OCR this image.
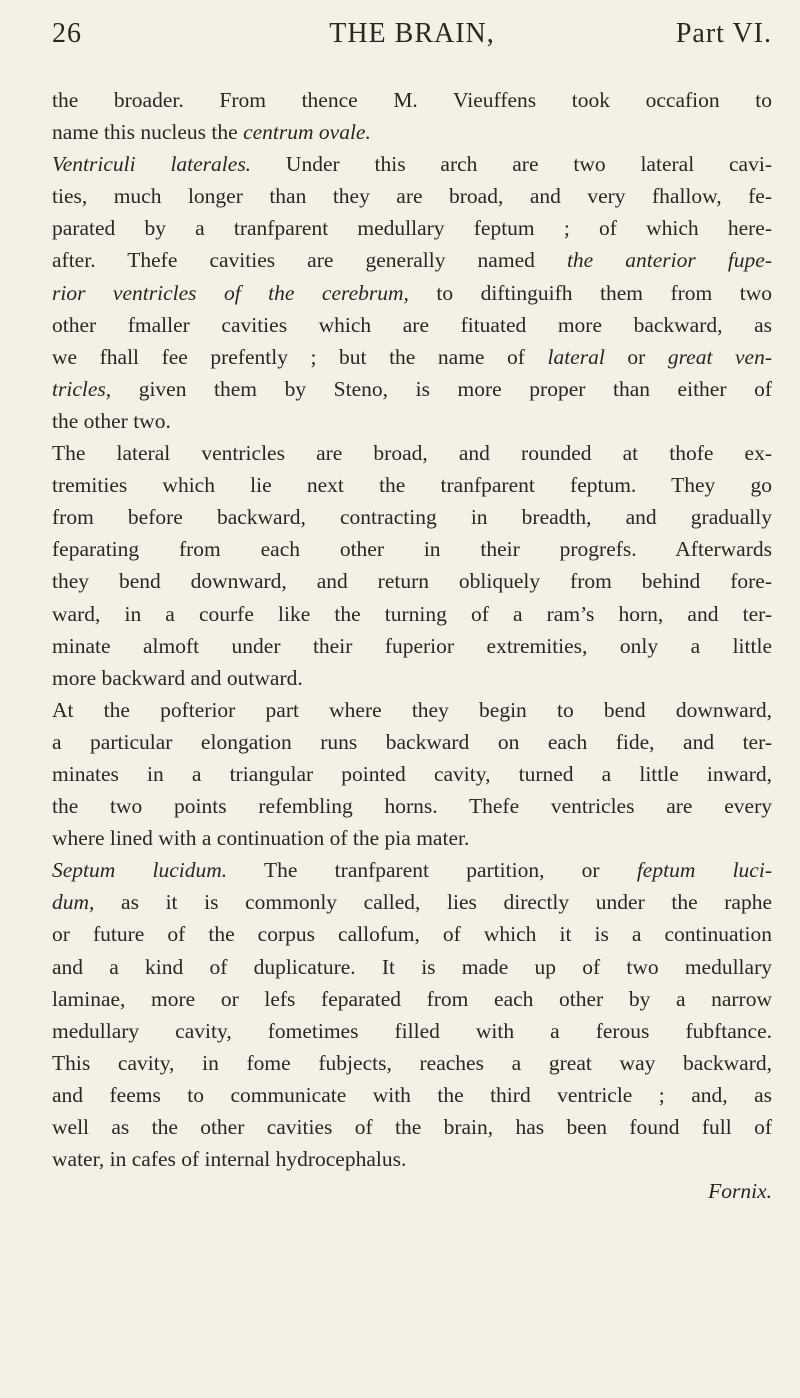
26	THE BRAIN,	Part VI.
the broader. From thence M. Vieuffens took occafion to
name this nucleus the centrum ovale.
Ventriculi laterales. Under this arch are two lateral cavi-
ties, much longer than they are broad, and very fhallow, fe-
parated by a tranfparent medullary feptum ; of which here-
after. Thefe cavities are generally named the anterior fupe-
rior ventricles of the cerebrum, to diftinguifh them from two
other fmaller cavities which are fituated more backward, as
we fhall fee prefently ; but the name of lateral or great ven-
tricles, given them by Steno, is more proper than either of
the other two.
The lateral ventricles are broad, and rounded at thofe ex-
tremities which lie next the tranfparent feptum. They go
from before backward, contracting in breadth, and gradually
feparating from each other in their progrefs. Afterwards
they bend downward, and return obliquely from behind fore-
ward, in a courfe like the turning of a ram’s horn, and ter-
minate almoft under their fuperior extremities, only a little
more backward and outward.
At the pofterior part where they begin to bend downward,
a particular elongation runs backward on each fide, and ter-
minates in a triangular pointed cavity, turned a little inward,
the two points refembling horns. Thefe ventricles are every
where lined with a continuation of the pia mater.
Septum lucidum. The tranfparent partition, or feptum luci-
dum, as it is commonly called, lies directly under the raphe
or future of the corpus callofum, of which it is a continuation
and a kind of duplicature. It is made up of two medullary
laminae, more or lefs feparated from each other by a narrow
medullary cavity, fometimes filled with a ferous fubftance.
This cavity, in fome fubjects, reaches a great way backward,
and feems to communicate with the third ventricle ; and, as
well as the other cavities of the brain, has been found full of
water, in cafes of internal hydrocephalus.
Fornix.
